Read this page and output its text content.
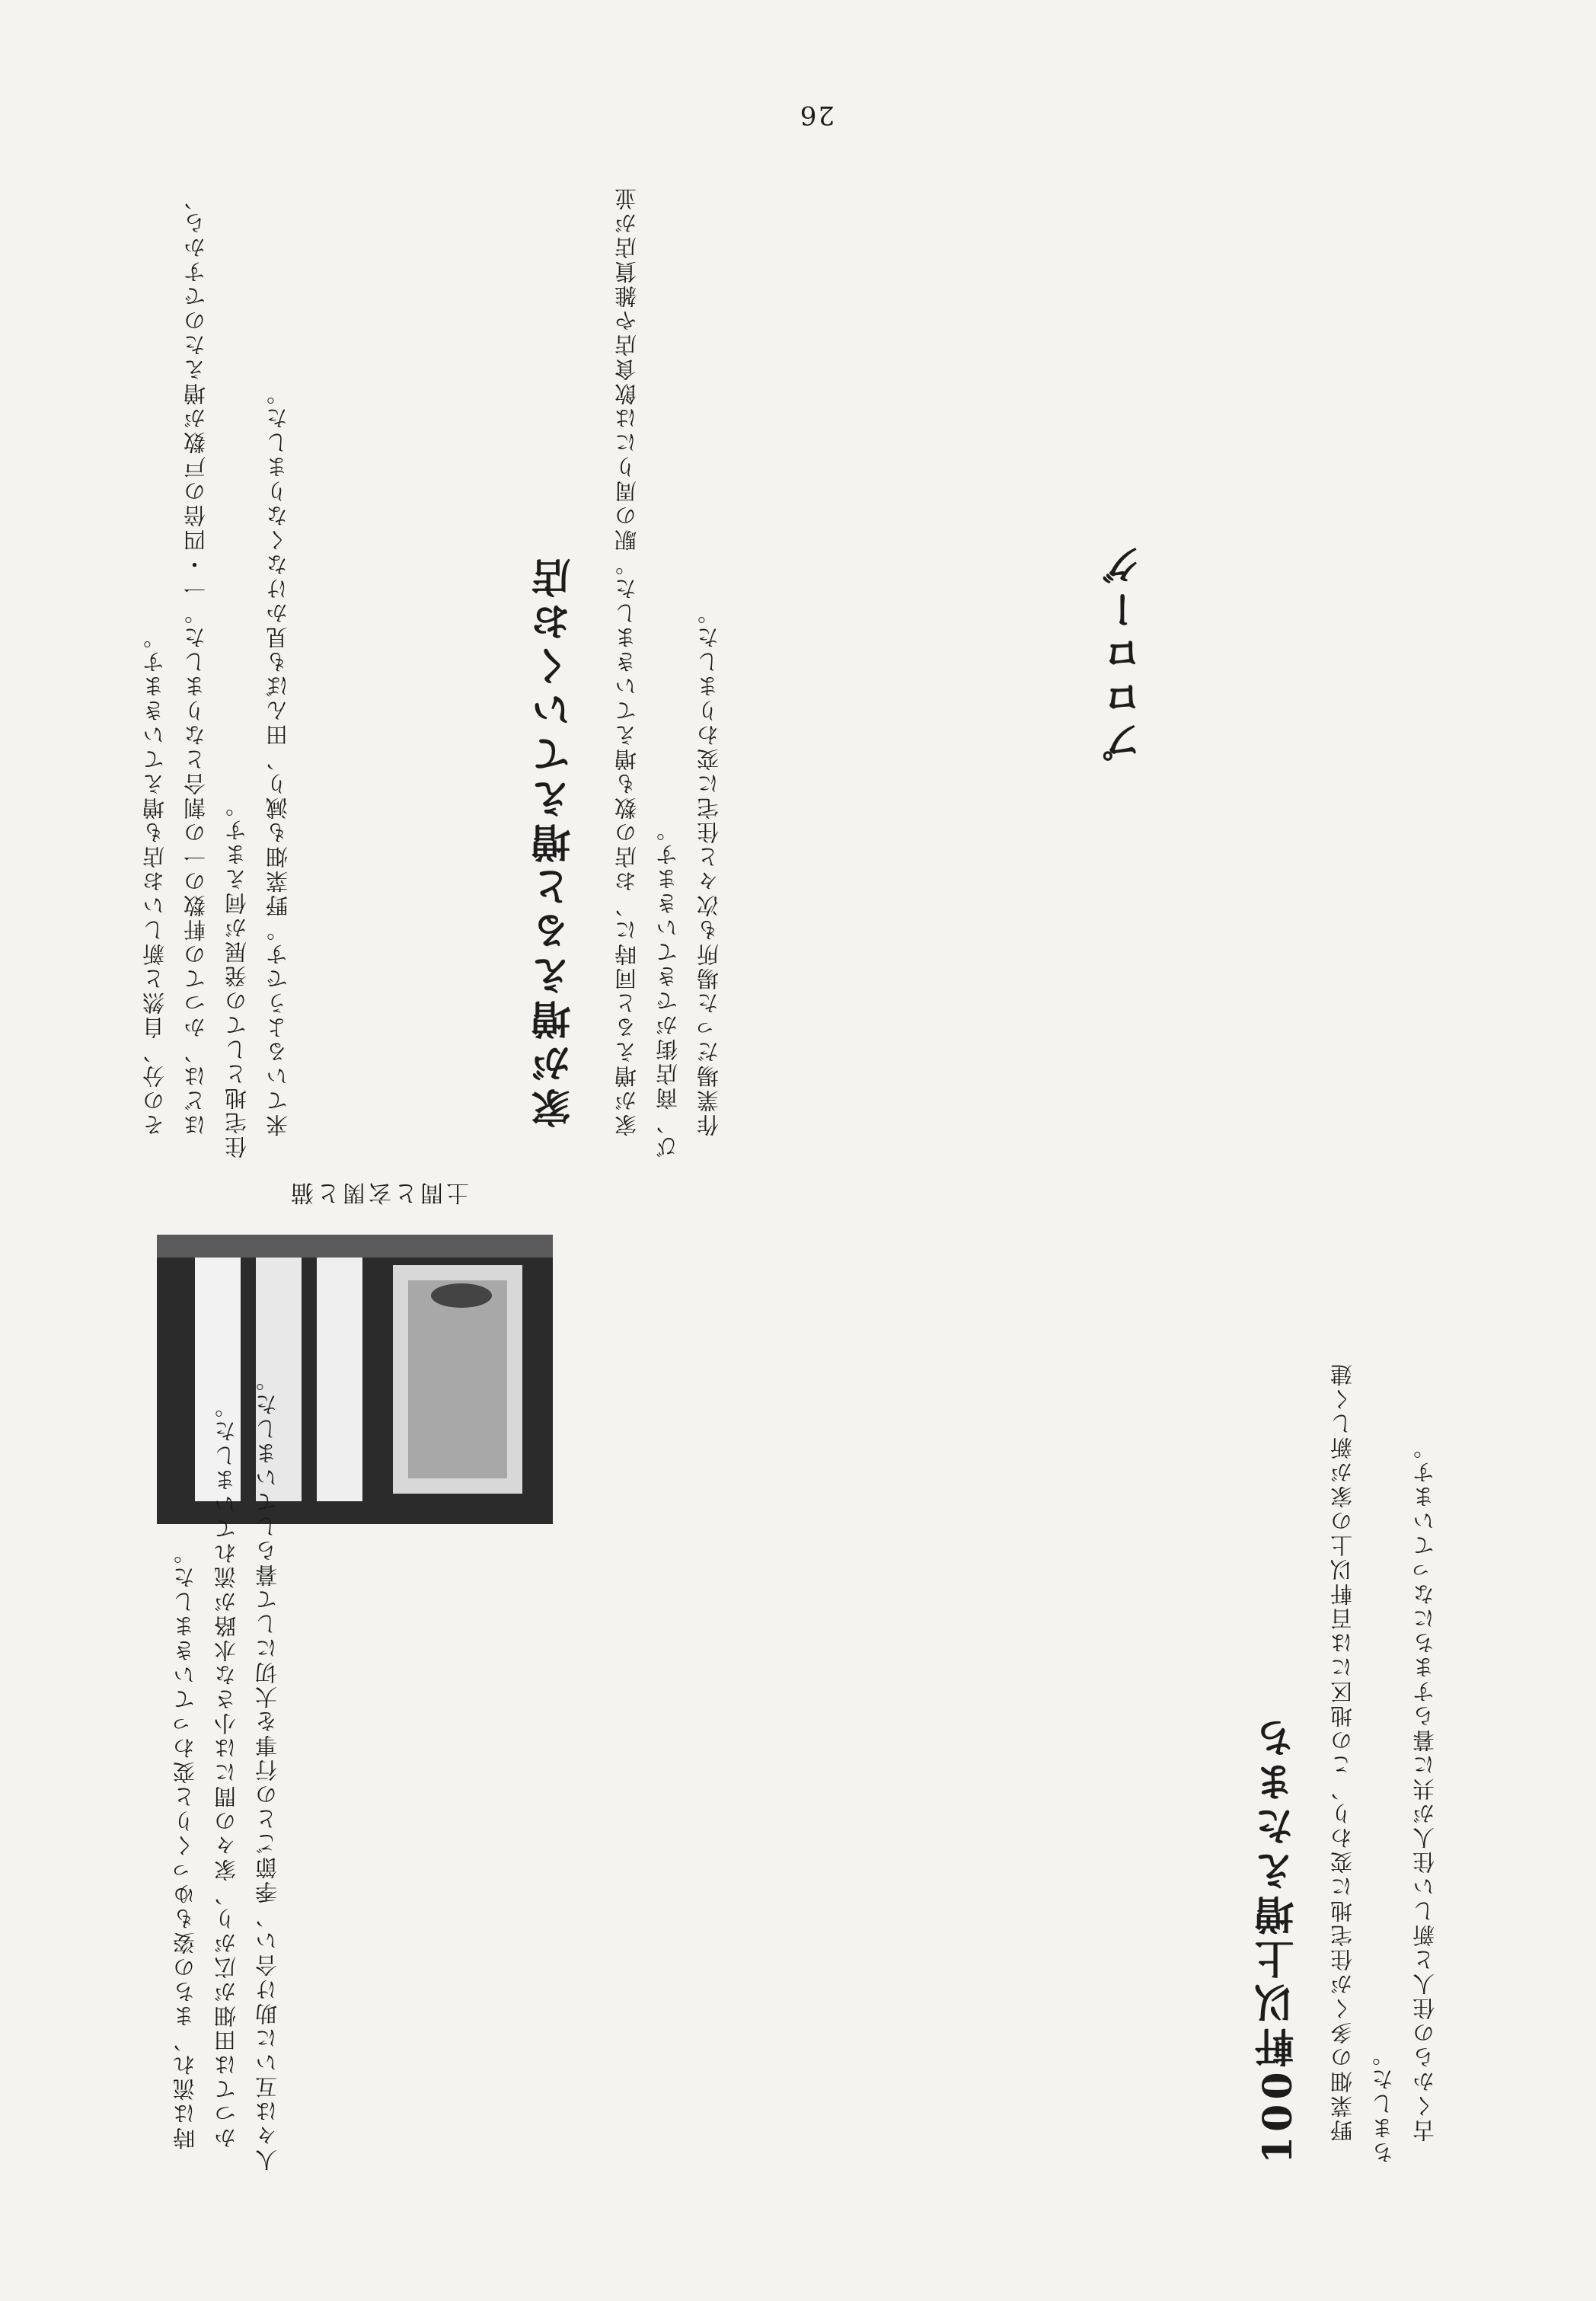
26

その分、自然と新しいお店も増えていきます。 ほどは、かつての軒数の一の割合となりました。一・四倍の戸数が増えたのですから、住宅地としての発展が伺えます。 来ているようです。野菜畑も減り、田んぼも見かけなくなりました。	家が増えると増えていくお店	家が増えると同時に、お店の数も増えていきました。駅の周りには飲食店や雑貨店が並び、商店街ができていきます。 作業場だった場所も次々と住宅に変わりました。

土間と玄関と猫

時は流れ、まちの姿もゆっくりと変わっていきました。 かつては田畑が広がり、家々の間には小さな水路が流れていました。人々は互いに助け合い、季節ごとの行事を大切にして暮らしていました。

プロローグ
100軒以上増えたまち	野菜畑の多くが住宅地に変わり、この地区には百軒以上の家が新しく建ちました。 古くからの住人と新しい住人が共に暮らすまちになっています。
